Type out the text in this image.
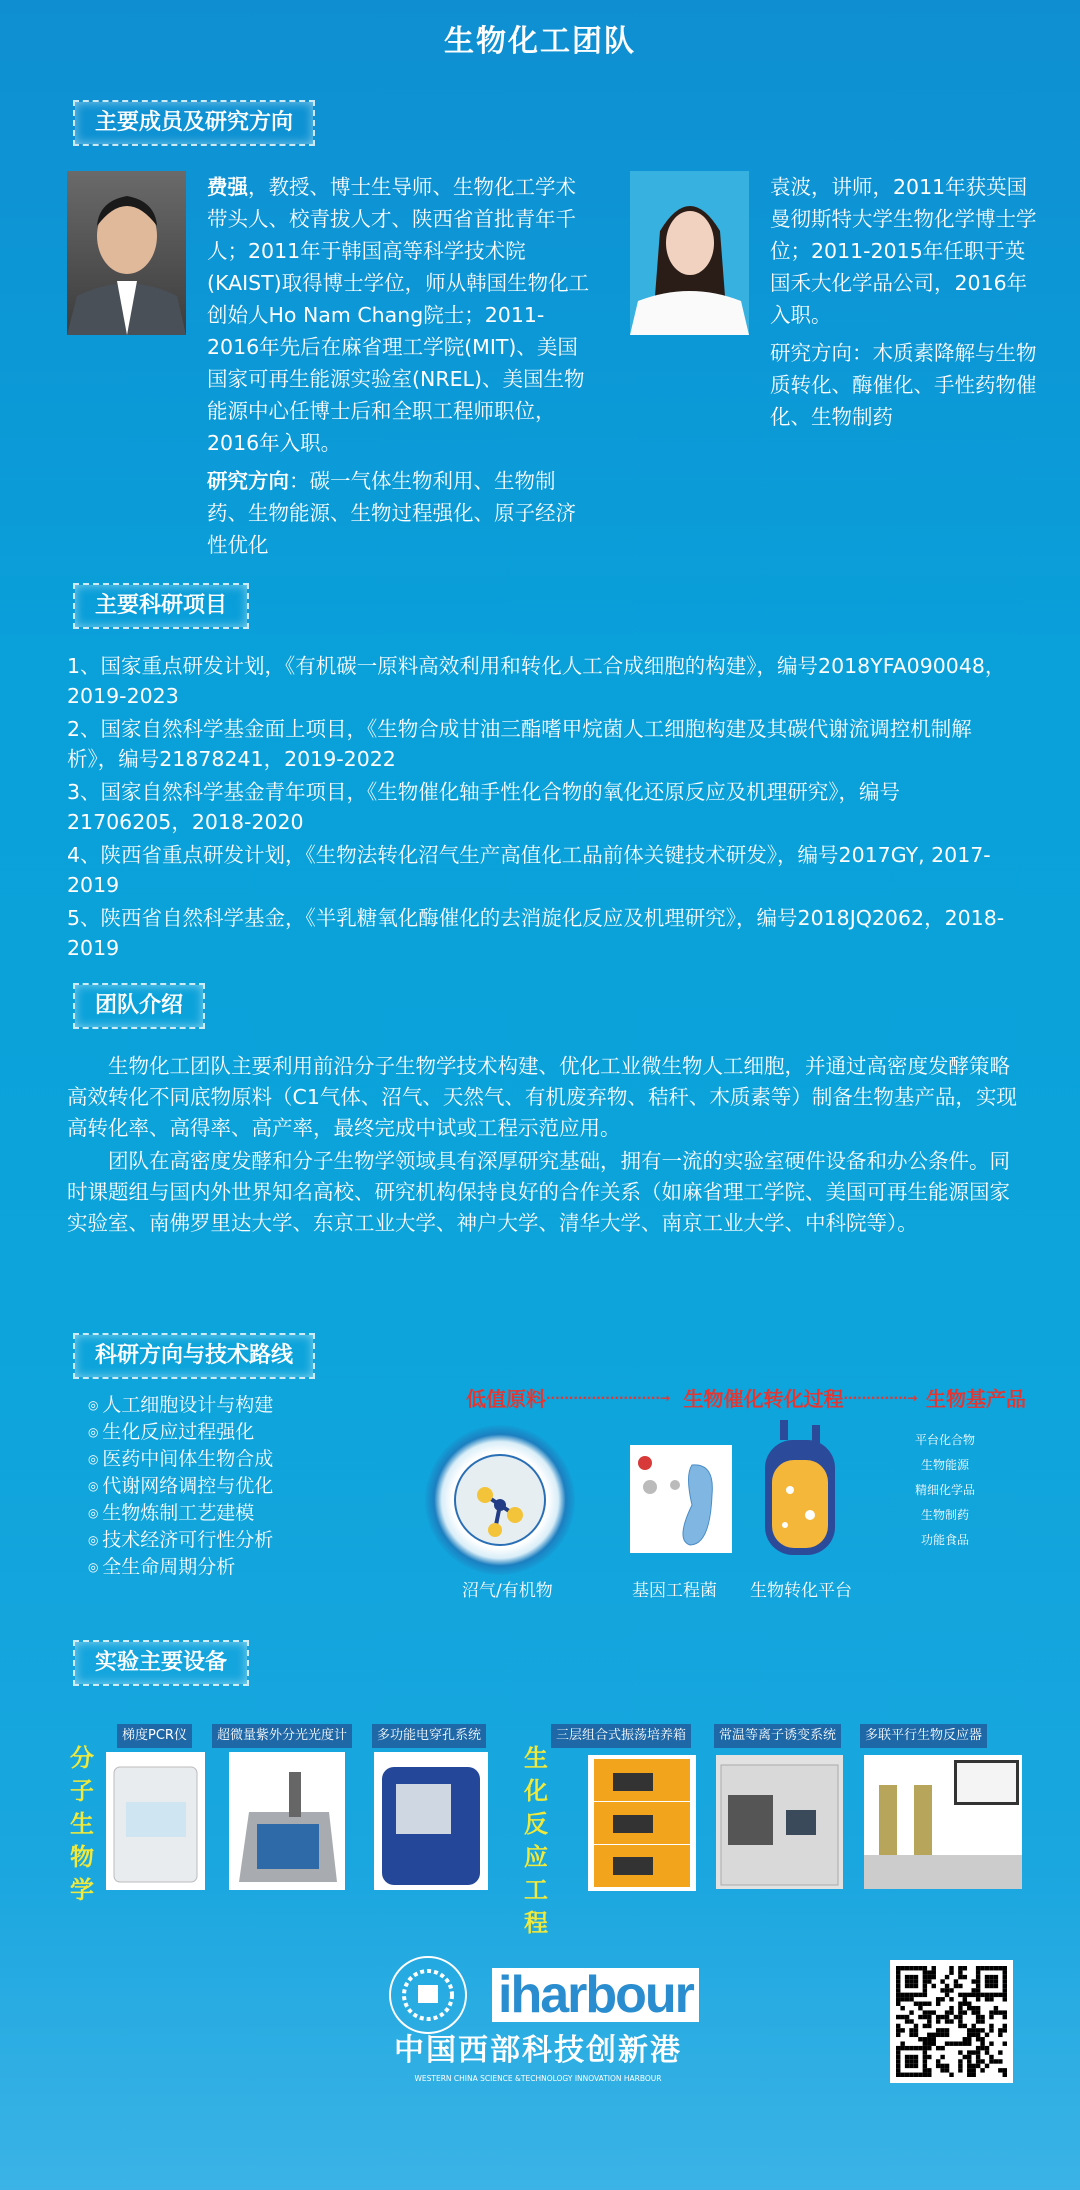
生物化工团队
主要成员及研究方向
费强，教授、博士生导师、生物化工学术带头人、校青拔人才、陕西省首批青年千人；2011年于韩国高等科学技术院(KAIST)取得博士学位，师从韩国生物化工创始人Ho Nam Chang院士；2011-2016年先后在麻省理工学院(MIT)、美国国家可再生能源实验室(NREL)、美国生物能源中心任博士后和全职工程师职位，2016年入职。
研究方向：碳一气体生物利用、生物制药、生物能源、生物过程强化、原子经济性优化
袁波，讲师，2011年获英国曼彻斯特大学生物化学博士学位；2011-2015年任职于英国禾大化学品公司，2016年入职。
研究方向：木质素降解与生物质转化、酶催化、手性药物催化、生物制药
主要科研项目
1、国家重点研发计划，《有机碳一原料高效利用和转化人工合成细胞的构建》，编号2018YFA090048，2019-2023
2、国家自然科学基金面上项目，《生物合成甘油三酯嗜甲烷菌人工细胞构建及其碳代谢流调控机制解析》，编号21878241，2019-2022
3、国家自然科学基金青年项目，《生物催化轴手性化合物的氧化还原反应及机理研究》，编号21706205，2018-2020
4、陕西省重点研发计划，《生物法转化沼气生产高值化工品前体关键技术研发》，编号2017GY, 2017-2019
5、陕西省自然科学基金，《半乳糖氧化酶催化的去消旋化反应及机理研究》，编号2018JQ2062，2018-2019
团队介绍

生物化工团队主要利用前沿分子生物学技术构建、优化工业微生物人工细胞，并通过高密度发酵策略高效转化不同底物原料（C1气体、沼气、天然气、有机废弃物、秸秆、木质素等）制备生物基产品，实现高转化率、高得率、高产率，最终完成中试或工程示范应用。

团队在高密度发酵和分子生物学领域具有深厚研究基础，拥有一流的实验室硬件设备和办公条件。同时课题组与国内外世界知名高校、研究机构保持良好的合作关系（如麻省理工学院、美国可再生能源国家实验室、南佛罗里达大学、东京工业大学、神户大学、清华大学、南京工业大学、中科院等）。

科研方向与技术路线
◎ 人工细胞设计与构建
◎ 生化反应过程强化
◎ 医药中间体生物合成
◎ 代谢网络调控与优化
◎ 生物炼制工艺建模
◎ 技术经济可行性分析
◎ 全生命周期分析
低值原料 ·························→ 生物催化转化过程 ··············→ 生物基产品
平台化合物
生物能源
精细化学品
生物制药
功能食品
沼气/有机物	基因工程菌 生物转化平台
实验主要设备
分子生物学
生化反应工程
梯度PCR仪	超微量紫外分光光度计	多功能电穿孔系统	三层组合式振荡培养箱	常温等离子诱变系统	多联平行生物反应器
iharbour
中国西部科技创新港
WESTERN CHINA SCIENCE &TECHNOLOGY INNOVATION HARBOUR
